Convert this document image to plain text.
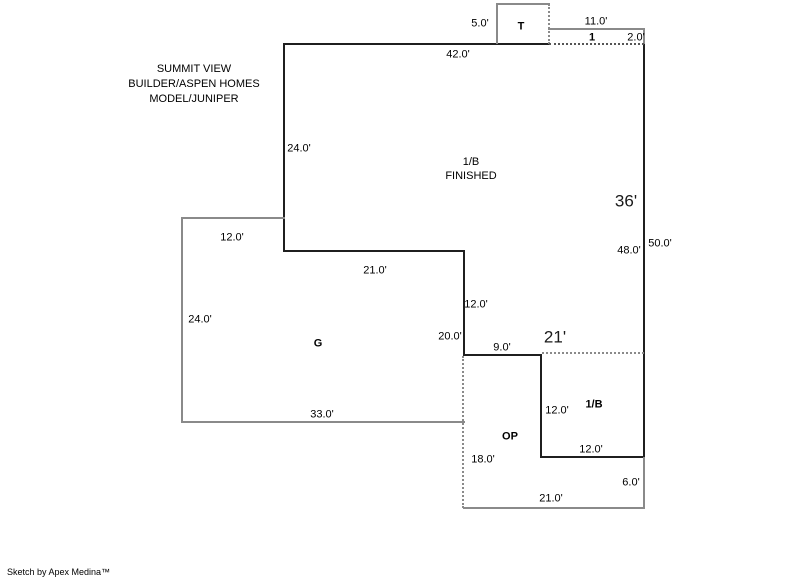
SUMMIT VIEW
BUILDER/ASPEN HOMES
MODEL/JUNIPER
Sketch by Apex Medina™
T
1
1/B
FINISHED
G
OP
1/B
36'
21'
5.0'	11.0'
2.0'
42.0'
24.0'
48.0'
50.0'
12.0'
21.0'
24.0'
12.0'
20.0'
9.0'
33.0'	12.0'
12.0'
18.0'
6.0'
21.0'
